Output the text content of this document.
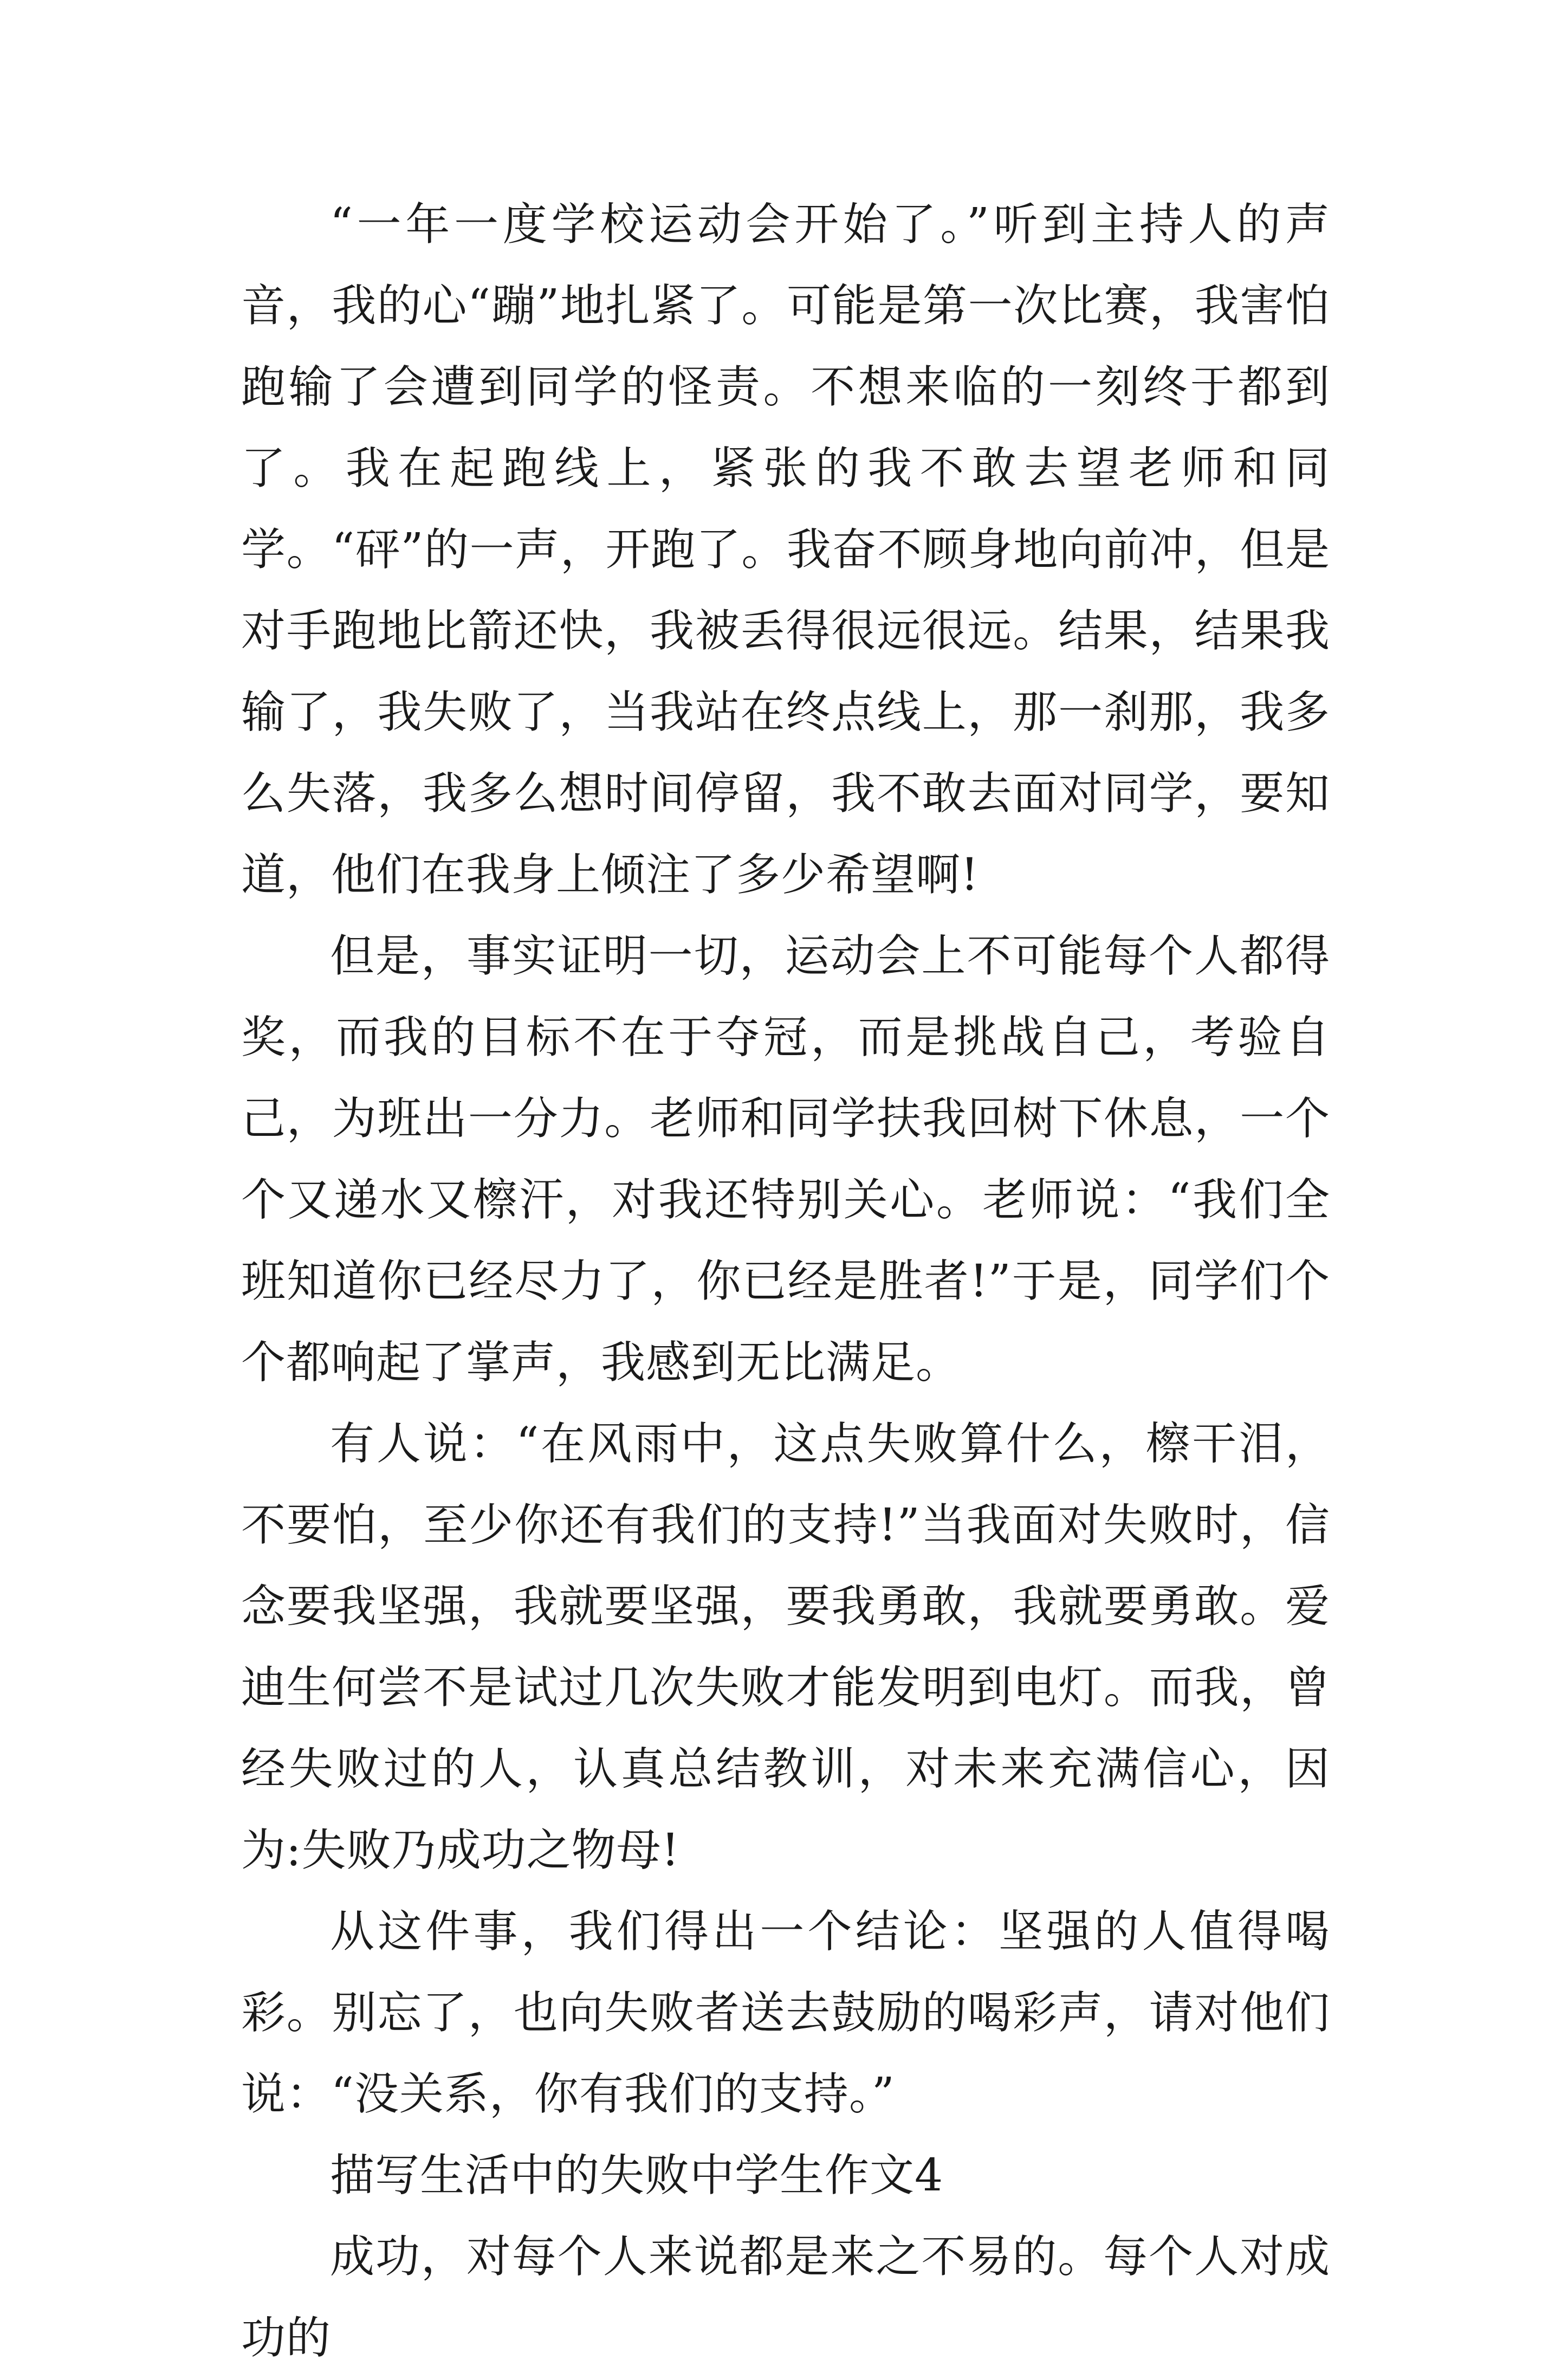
“一年一度学校运动会开始了。”听到主持人的声音，我的心“蹦”地扎紧了。可能是第一次比赛，我害怕跑输了会遭到同学的怪责。不想来临的一刻终于都到了。我在起跑线上，紧张的我不敢去望老师和同学。“砰”的一声，开跑了。我奋不顾身地向前冲，但是对手跑地比箭还快，我被丢得很远很远。结果，结果我输了，我失败了，当我站在终点线上，那一刹那，我多么失落，我多么想时间停留，我不敢去面对同学，要知道，他们在我身上倾注了多少希望啊!

但是，事实证明一切，运动会上不可能每个人都得奖，而我的目标不在于夺冠，而是挑战自己，考验自己，为班出一分力。老师和同学扶我回树下休息，一个个又递水又檫汗，对我还特别关心。老师说：“我们全班知道你已经尽力了，你已经是胜者!”于是，同学们个个都响起了掌声，我感到无比满足。

有人说：“在风雨中，这点失败算什么，檫干泪，不要怕，至少你还有我们的支持!”当我面对失败时，信念要我坚强，我就要坚强，要我勇敢，我就要勇敢。爱迪生何尝不是试过几次失败才能发明到电灯。而我，曾经失败过的人，认真总结教训，对未来充满信心，因为:失败乃成功之物母!

从这件事，我们得出一个结论：坚强的人值得喝彩。别忘了，也向失败者送去鼓励的喝彩声，请对他们说：“没关系，你有我们的支持。”

描写生活中的失败中学生作文4

成功，对每个人来说都是来之不易的。每个人对成功的
